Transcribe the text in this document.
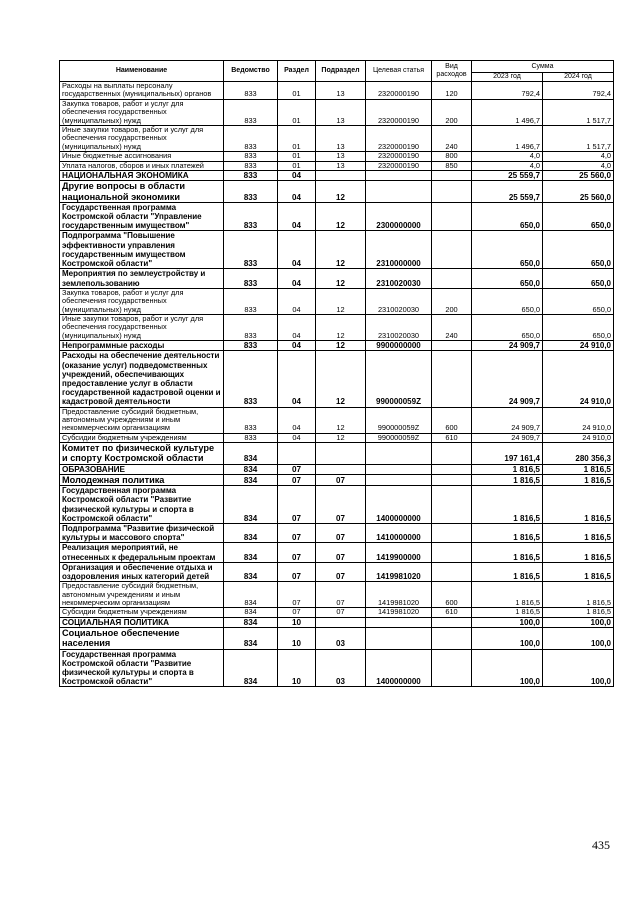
Наименование	Ведомство	Раздел	Подраздел	Целевая статья	Вид расходов	Сумма	
						2023 год	2024 год
Расходы на выплаты персоналу государственных (муниципальных) органов	833	01	13	2320000190	120	792,4	792,4
Закупка товаров, работ и услуг для обеспечения государственных (муниципальных) нужд	833	01	13	2320000190	200	1 496,7	1 517,7
Иные закупки товаров, работ и услуг для обеспечения государственных (муниципальных) нужд	833	01	13	2320000190	240	1 496,7	1 517,7
Иные бюджетные ассигнования	833	01	13	2320000190	800	4,0	4,0
Уплата налогов, сборов и иных платежей	833	01	13	2320000190	850	4,0	4,0
НАЦИОНАЛЬНАЯ ЭКОНОМИКА	833	04				25 559,7	25 560,0
Другие вопросы в области национальной экономики	833	04	12			25 559,7	25 560,0
Государственная программа Костромской области "Управление государственным имуществом"	833	04	12	2300000000		650,0	650,0
Подпрограмма "Повышение эффективности управления государственным имуществом Костромской области"	833	04	12	2310000000		650,0	650,0
Мероприятия по землеустройству и землепользованию	833	04	12	2310020030		650,0	650,0
Закупка товаров, работ и услуг для обеспечения государственных (муниципальных) нужд	833	04	12	2310020030	200	650,0	650,0
Иные закупки товаров, работ и услуг для обеспечения государственных (муниципальных) нужд	833	04	12	2310020030	240	650,0	650,0
Непрограммные расходы	833	04	12	9900000000		24 909,7	24 910,0
Расходы на обеспечение деятельности (оказание услуг) подведомственных учреждений, обеспечивающих предоставление услуг в области государственной кадастровой оценки и кадастровой деятельности	833	04	12	990000059Z		24 909,7	24 910,0
Предоставление субсидий бюджетным, автономным учреждениям и иным некоммерческим организациям	833	04	12	990000059Z	600	24 909,7	24 910,0
Субсидии бюджетным учреждениям	833	04	12	990000059Z	610	24 909,7	24 910,0
Комитет по физической культуре и спорту Костромской области	834					197 161,4	280 356,3
ОБРАЗОВАНИЕ	834	07				1 816,5	1 816,5
Молодежная политика	834	07	07			1 816,5	1 816,5
Государственная программа Костромской области "Развитие физической культуры и спорта в Костромской области"	834	07	07	1400000000		1 816,5	1 816,5
Подпрограмма "Развитие физической культуры и массового спорта"	834	07	07	1410000000		1 816,5	1 816,5
Реализация мероприятий, не отнесенных к федеральным проектам	834	07	07	1419900000		1 816,5	1 816,5
Организация и обеспечение отдыха и оздоровления иных категорий детей	834	07	07	1419981020		1 816,5	1 816,5
Предоставление субсидий бюджетным, автономным учреждениям и иным некоммерческим организациям	834	07	07	1419981020	600	1 816,5	1 816,5
Субсидии бюджетным учреждениям	834	07	07	1419981020	610	1 816,5	1 816,5
СОЦИАЛЬНАЯ ПОЛИТИКА	834	10				100,0	100,0
Социальное обеспечение населения	834	10	03			100,0	100,0
Государственная программа Костромской области "Развитие физической культуры и спорта в Костромской области"	834	10	03	1400000000		100,0	100,0
435
